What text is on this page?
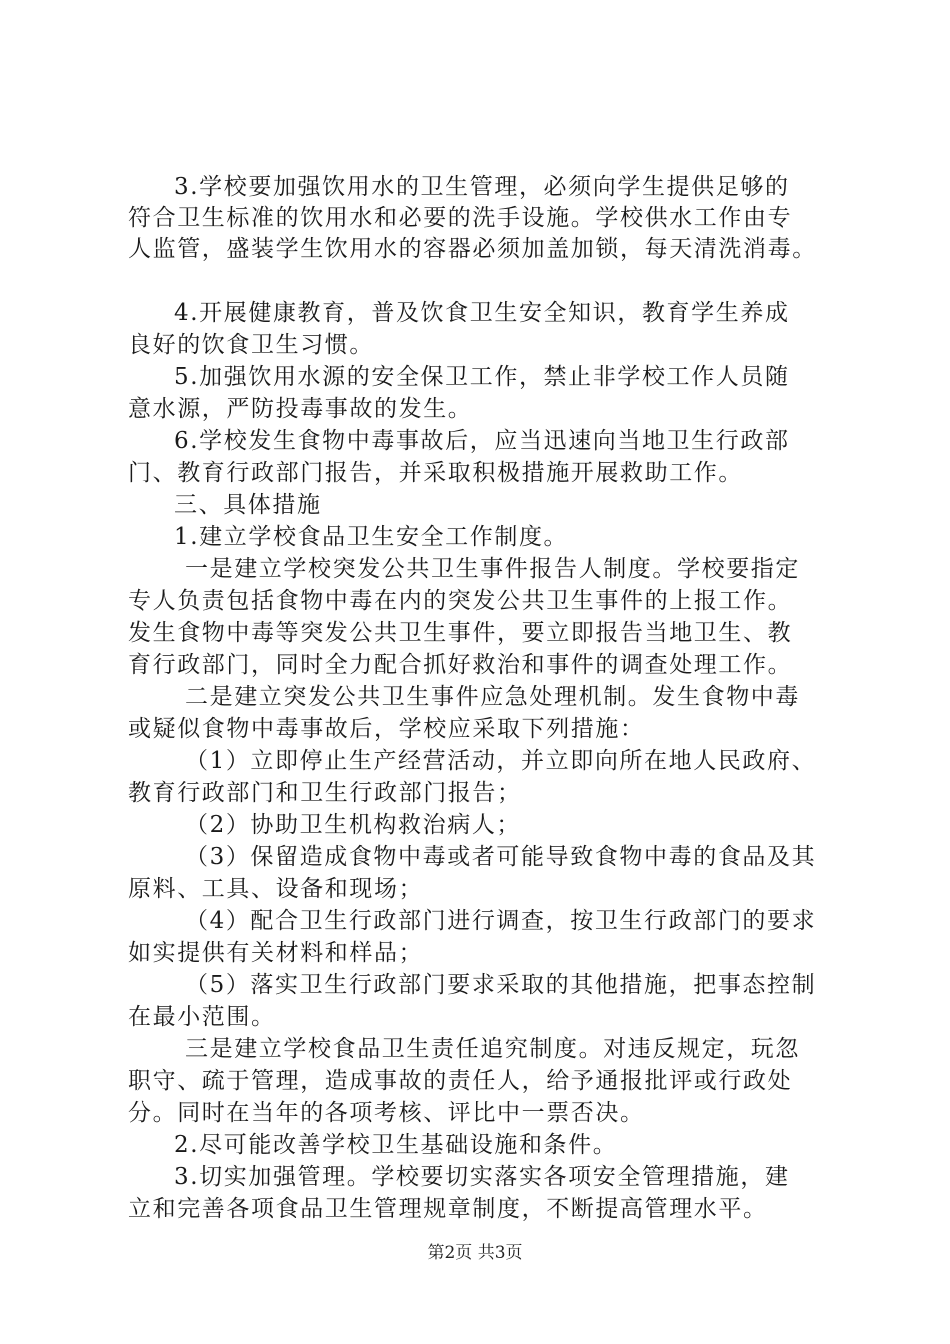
3.学校要加强饮用水的卫生管理，必须向学生提供足够的
符合卫生标准的饮用水和必要的洗手设施。学校供水工作由专
人监管，盛装学生饮用水的容器必须加盖加锁，每天清洗消毒。
4.开展健康教育，普及饮食卫生安全知识，教育学生养成
良好的饮食卫生习惯。
5.加强饮用水源的安全保卫工作，禁止非学校工作人员随
意水源，严防投毒事故的发生。
6.学校发生食物中毒事故后，应当迅速向当地卫生行政部
门、教育行政部门报告，并采取积极措施开展救助工作。
三、具体措施
1.建立学校食品卫生安全工作制度。
一是建立学校突发公共卫生事件报告人制度。学校要指定
专人负责包括食物中毒在内的突发公共卫生事件的上报工作。
发生食物中毒等突发公共卫生事件，要立即报告当地卫生、教
育行政部门，同时全力配合抓好救治和事件的调查处理工作。
二是建立突发公共卫生事件应急处理机制。发生食物中毒
或疑似食物中毒事故后，学校应采取下列措施：
（1）立即停止生产经营活动，并立即向所在地人民政府、
教育行政部门和卫生行政部门报告；
（2）协助卫生机构救治病人；
（3）保留造成食物中毒或者可能导致食物中毒的食品及其
原料、工具、设备和现场；
（4）配合卫生行政部门进行调查，按卫生行政部门的要求
如实提供有关材料和样品；
（5）落实卫生行政部门要求采取的其他措施，把事态控制
在最小范围。
三是建立学校食品卫生责任追究制度。对违反规定，玩忽
职守、疏于管理，造成事故的责任人，给予通报批评或行政处
分。同时在当年的各项考核、评比中一票否决。
2.尽可能改善学校卫生基础设施和条件。
3.切实加强管理。学校要切实落实各项安全管理措施，建
立和完善各项食品卫生管理规章制度，不断提高管理水平。
第2页 共3页
